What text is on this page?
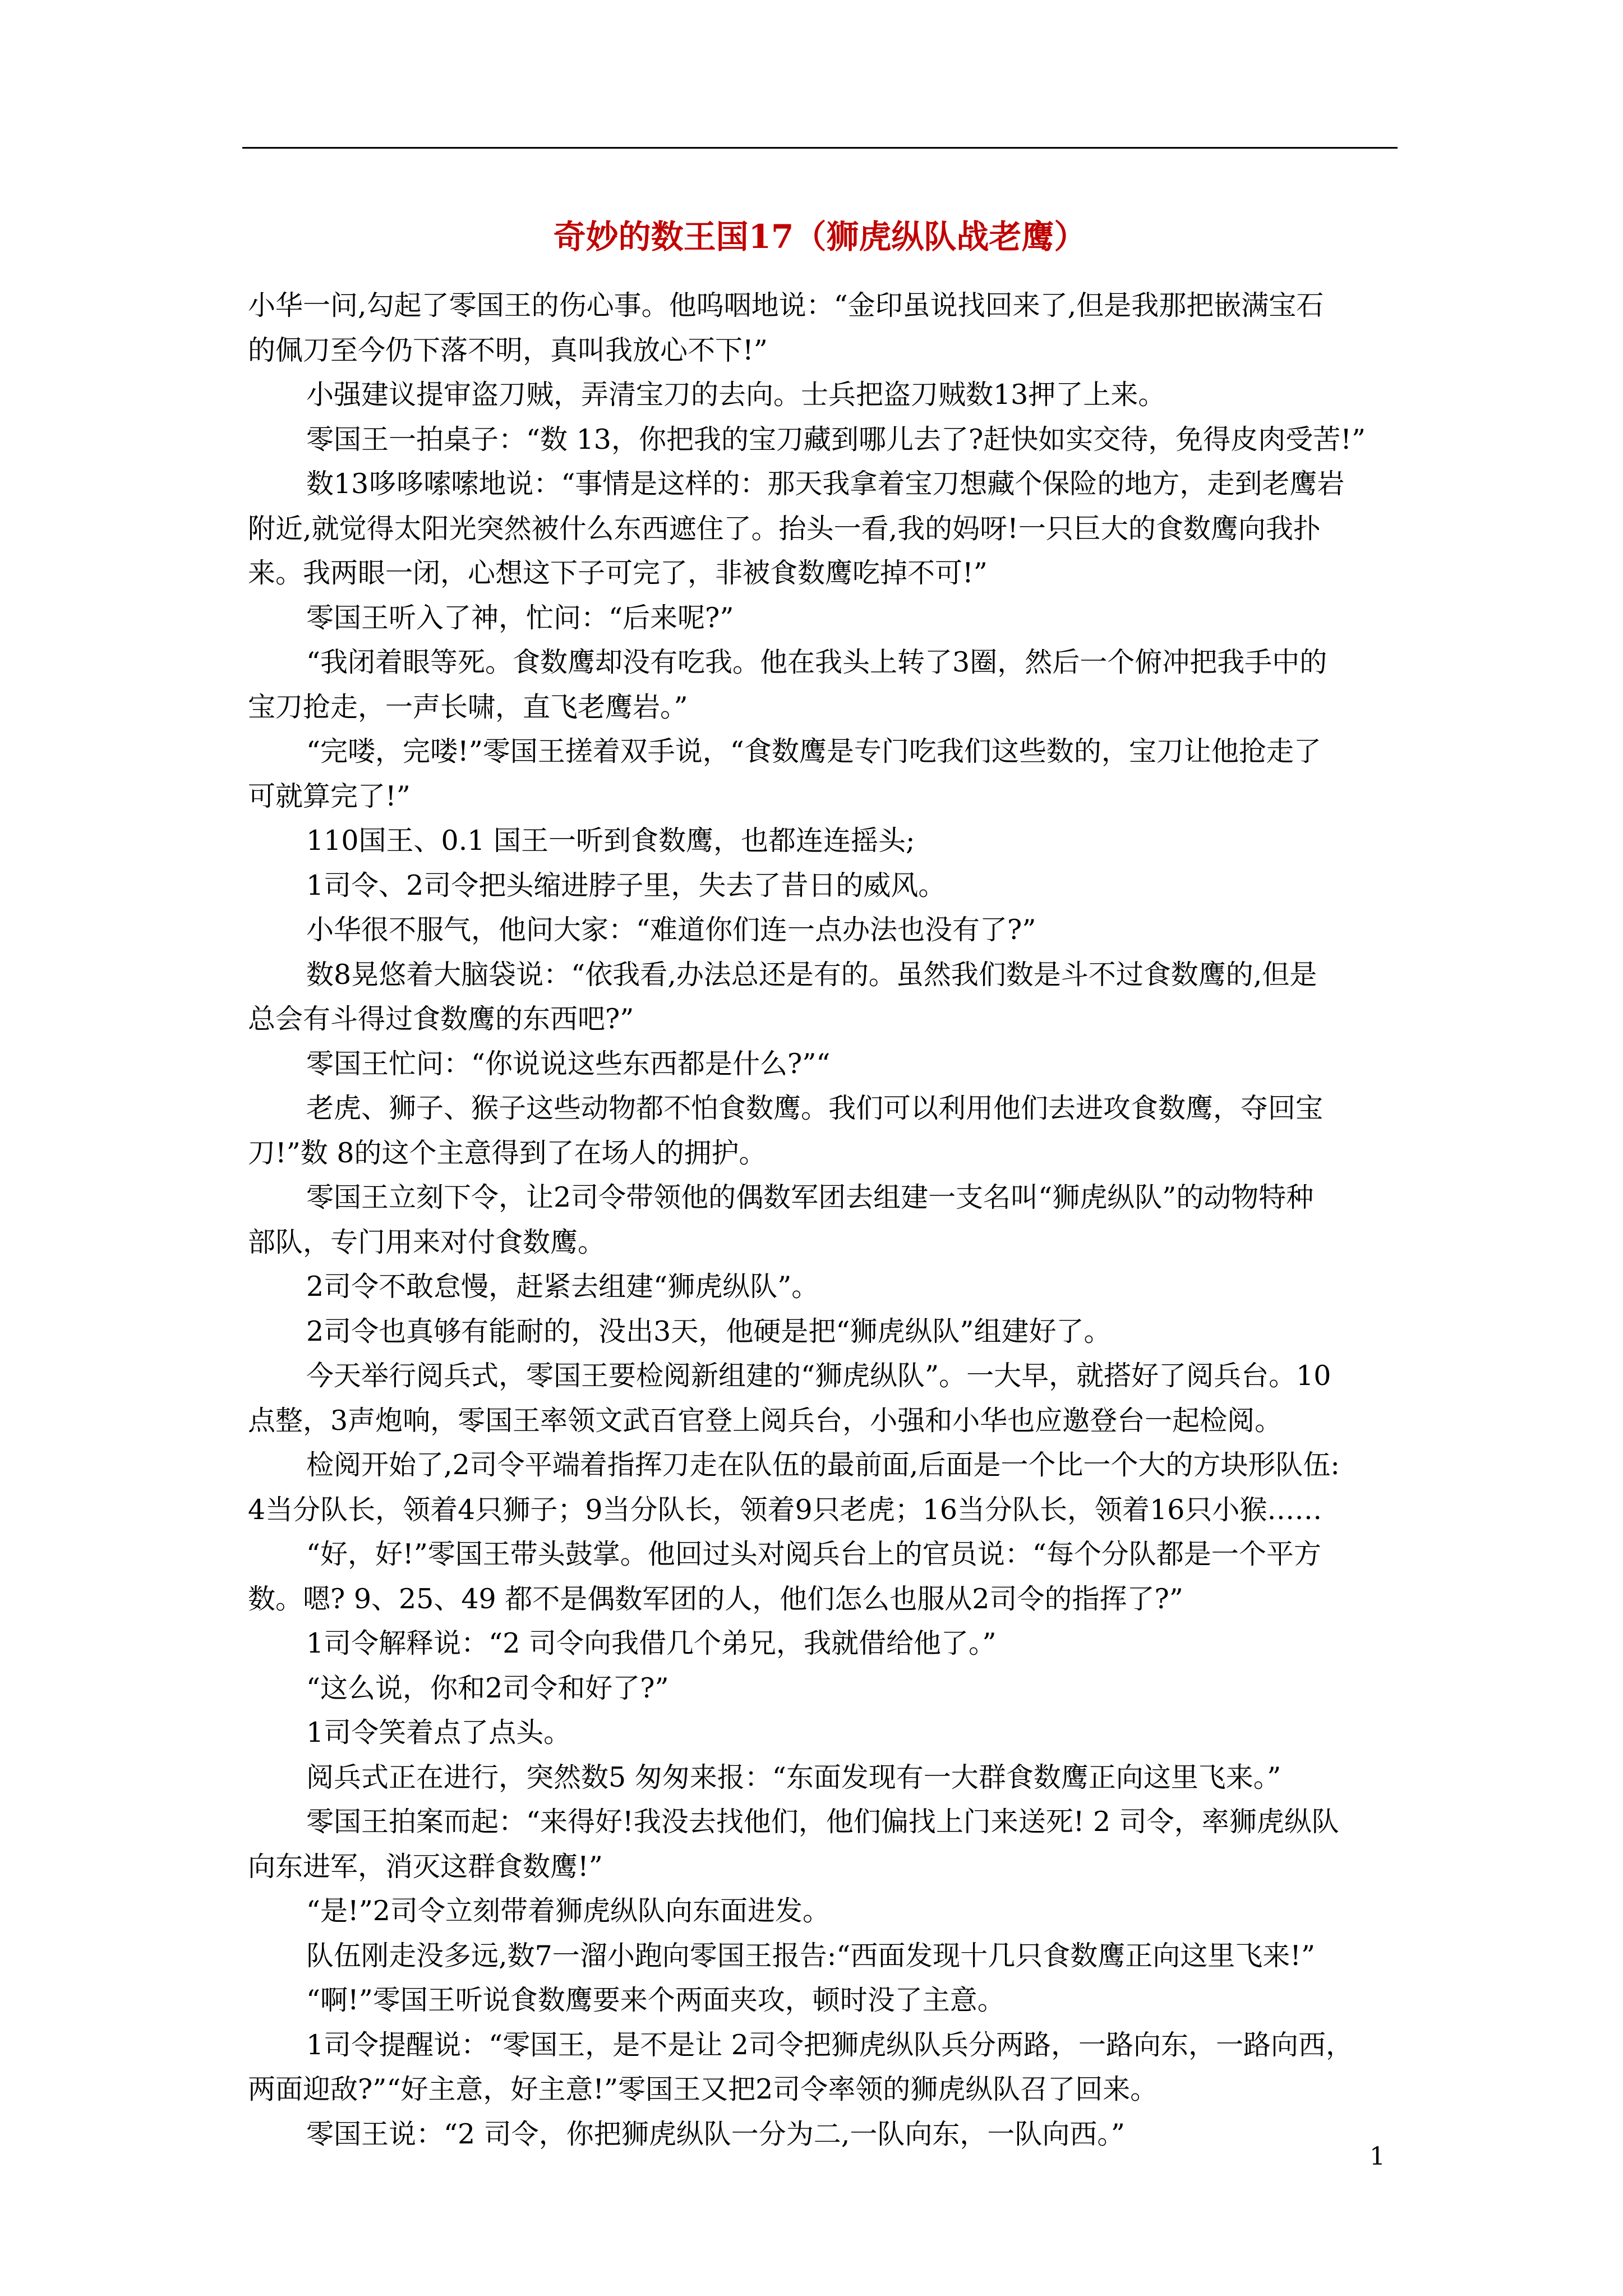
奇妙的数王国17（狮虎纵队战老鹰）
小华一问,勾起了零国王的伤心事。他呜咽地说：“金印虽说找回来了,但是我那把嵌满宝石
的佩刀至今仍下落不明，真叫我放心不下!”
小强建议提审盗刀贼，弄清宝刀的去向。士兵把盗刀贼数13押了上来。
零国王一拍桌子：“数 13，你把我的宝刀藏到哪儿去了?赶快如实交待，免得皮肉受苦!”
数13哆哆嗦嗦地说：“事情是这样的：那天我拿着宝刀想藏个保险的地方，走到老鹰岩
附近,就觉得太阳光突然被什么东西遮住了。抬头一看,我的妈呀!一只巨大的食数鹰向我扑
来。我两眼一闭，心想这下子可完了，非被食数鹰吃掉不可!”
零国王听入了神，忙问：“后来呢?”
“我闭着眼等死。食数鹰却没有吃我。他在我头上转了3圈，然后一个俯冲把我手中的
宝刀抢走，一声长啸，直飞老鹰岩。”
“完喽，完喽!”零国王搓着双手说，“食数鹰是专门吃我们这些数的，宝刀让他抢走了
可就算完了!”
110国王、0.1 国王一听到食数鹰，也都连连摇头;
1司令、2司令把头缩进脖子里，失去了昔日的威风。
小华很不服气，他问大家：“难道你们连一点办法也没有了?”
数8晃悠着大脑袋说：“依我看,办法总还是有的。虽然我们数是斗不过食数鹰的,但是
总会有斗得过食数鹰的东西吧?”
零国王忙问：“你说说这些东西都是什么?”“
老虎、狮子、猴子这些动物都不怕食数鹰。我们可以利用他们去进攻食数鹰，夺回宝
刀!”数 8的这个主意得到了在场人的拥护。
零国王立刻下令，让2司令带领他的偶数军团去组建一支名叫“狮虎纵队”的动物特种
部队，专门用来对付食数鹰。
2司令不敢怠慢，赶紧去组建“狮虎纵队”。
2司令也真够有能耐的，没出3天，他硬是把“狮虎纵队”组建好了。
今天举行阅兵式，零国王要检阅新组建的“狮虎纵队”。一大早，就搭好了阅兵台。10
点整，3声炮响，零国王率领文武百官登上阅兵台，小强和小华也应邀登台一起检阅。
检阅开始了,2司令平端着指挥刀走在队伍的最前面,后面是一个比一个大的方块形队伍:
4当分队长，领着4只狮子；9当分队长，领着9只老虎；16当分队长，领着16只小猴……
“好，好!”零国王带头鼓掌。他回过头对阅兵台上的官员说：“每个分队都是一个平方
数。嗯? 9、25、49 都不是偶数军团的人，他们怎么也服从2司令的指挥了?”
1司令解释说：“2 司令向我借几个弟兄，我就借给他了。”
“这么说，你和2司令和好了?”
1司令笑着点了点头。
阅兵式正在进行，突然数5 匆匆来报：“东面发现有一大群食数鹰正向这里飞来。”
零国王拍案而起：“来得好!我没去找他们，他们偏找上门来送死! 2 司令，率狮虎纵队
向东进军，消灭这群食数鹰!”
“是!”2司令立刻带着狮虎纵队向东面进发。
队伍刚走没多远,数7一溜小跑向零国王报告:“西面发现十几只食数鹰正向这里飞来!”
“啊!”零国王听说食数鹰要来个两面夹攻，顿时没了主意。
1司令提醒说：“零国王，是不是让 2司令把狮虎纵队兵分两路，一路向东，一路向西，
两面迎敌?”“好主意，好主意!”零国王又把2司令率领的狮虎纵队召了回来。
零国王说：“2 司令，你把狮虎纵队一分为二,一队向东，一队向西。”
1
